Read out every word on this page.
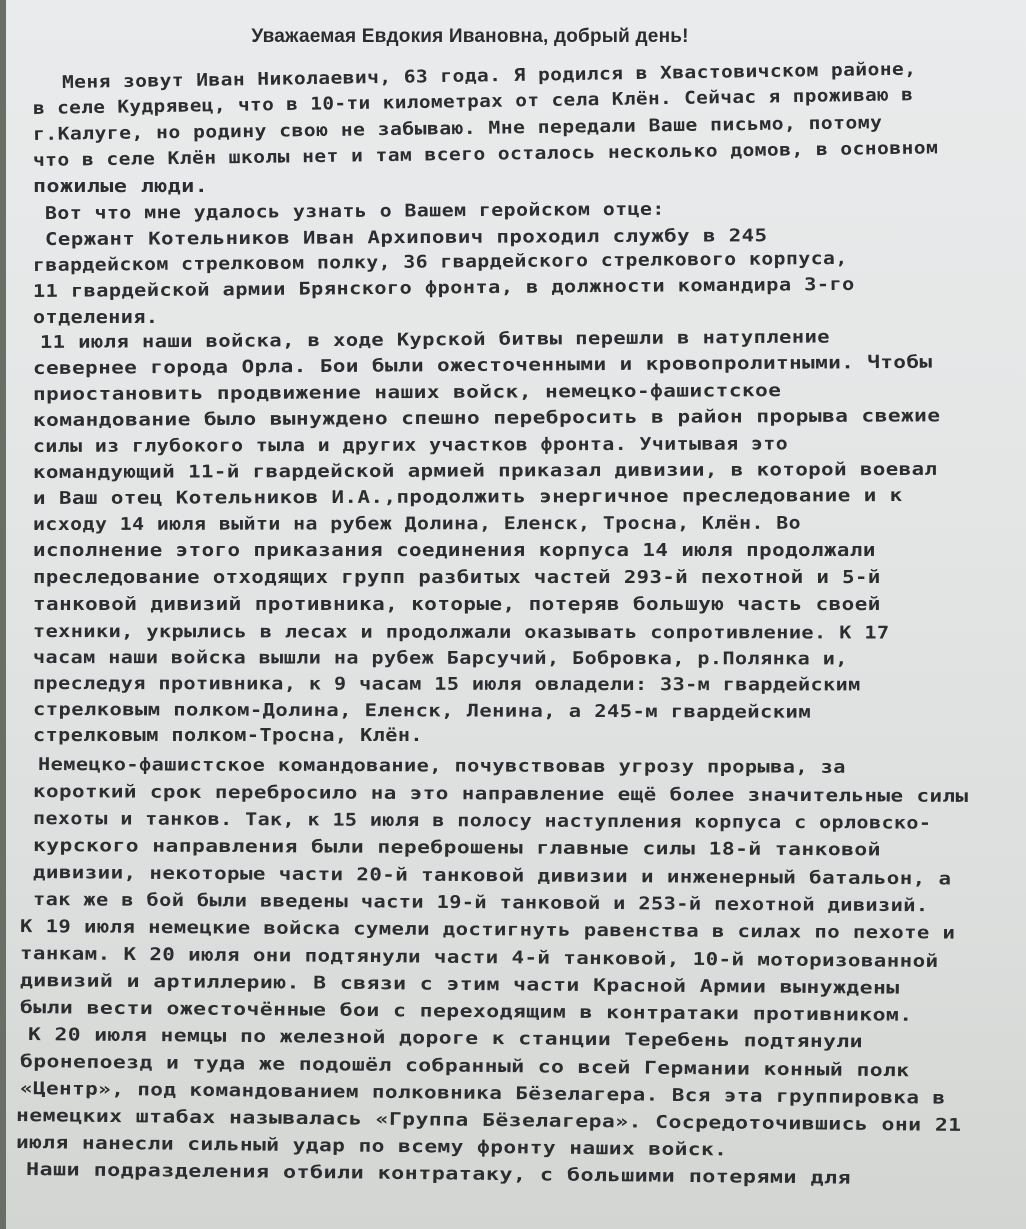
Уважаемая Евдокия Ивановна, добрый день!

Меня зовут Иван Николаевич, 63 года. Я родился в Хвастовичском районе,

в селе Кудрявец, что в 10-ти километрах от села Клён. Сейчас я проживаю в

г.Калуге, но родину свою не забываю. Мне передали Ваше письмо, потому

что в селе Клён школы нет и там всего осталось несколько домов, в основном

пожилые люди.

Вот что мне удалось узнать о Вашем геройском отце:

Сержант Котельников Иван Архипович проходил службу в 245

гвардейском стрелковом полку, 36 гвардейского стрелкового корпуса,

11 гвардейской армии Брянского фронта, в должности командира 3-го

отделения.

11 июля наши войска, в ходе Курской битвы перешли в натупление

севернее города Орла. Бои были ожесточенными и кровопролитными. Чтобы

приостановить продвижение наших войск, немецко-фашистское

командование было вынуждено спешно перебросить в район прорыва свежие

силы из глубокого тыла и других участков фронта. Учитывая это

командующий 11-й гвардейской армией приказал дивизии, в которой воевал

и Ваш отец Котельников И.А.,продолжить энергичное преследование и к

исходу 14 июля выйти на рубеж Долина, Еленск, Тросна, Клён. Во

исполнение этого приказания соединения корпуса 14 июля продолжали

преследование отходящих групп разбитых частей 293-й пехотной и 5-й

танковой дивизий противника, которые, потеряв большую часть своей

техники, укрылись в лесах и продолжали оказывать сопротивление. К 17

часам наши войска вышли на рубеж Барсучий, Бобровка, р.Полянка и,

преследуя противника, к 9 часам 15 июля овладели: 33-м гвардейским

стрелковым полком-Долина, Еленск, Ленина, а 245-м гвардейским

стрелковым полком-Тросна, Клён.

Немецко-фашистское командование, почувствовав угрозу прорыва, за

короткий срок перебросило на это направление ещё более значительные силы

пехоты и танков. Так, к 15 июля в полосу наступления корпуса с орловско-

курского направления были переброшены главные силы 18-й танковой

дивизии, некоторые части 20-й танковой дивизии и инженерный батальон, а

так же в бой были введены части 19-й танковой и 253-й пехотной дивизий.

К 19 июля немецкие войска сумели достигнуть равенства в силах по пехоте и

танкам. К 20 июля они подтянули части 4-й танковой, 10-й моторизованной

дивизий и артиллерию. В связи с этим части Красной Армии вынуждены

были вести ожесточённые бои с переходящим в контратаки противником.

К 20 июля немцы по железной дороге к станции Теребень подтянули

бронепоезд и туда же подошёл собранный со всей Германии конный полк

«Центр», под командованием полковника Бёзелагера. Вся эта группировка в

немецких штабах называлась «Группа Бёзелагера». Сосредоточившись они 21

июля нанесли сильный удар по всему фронту наших войск.

Наши подразделения отбили контратаку, с большими потерями для
